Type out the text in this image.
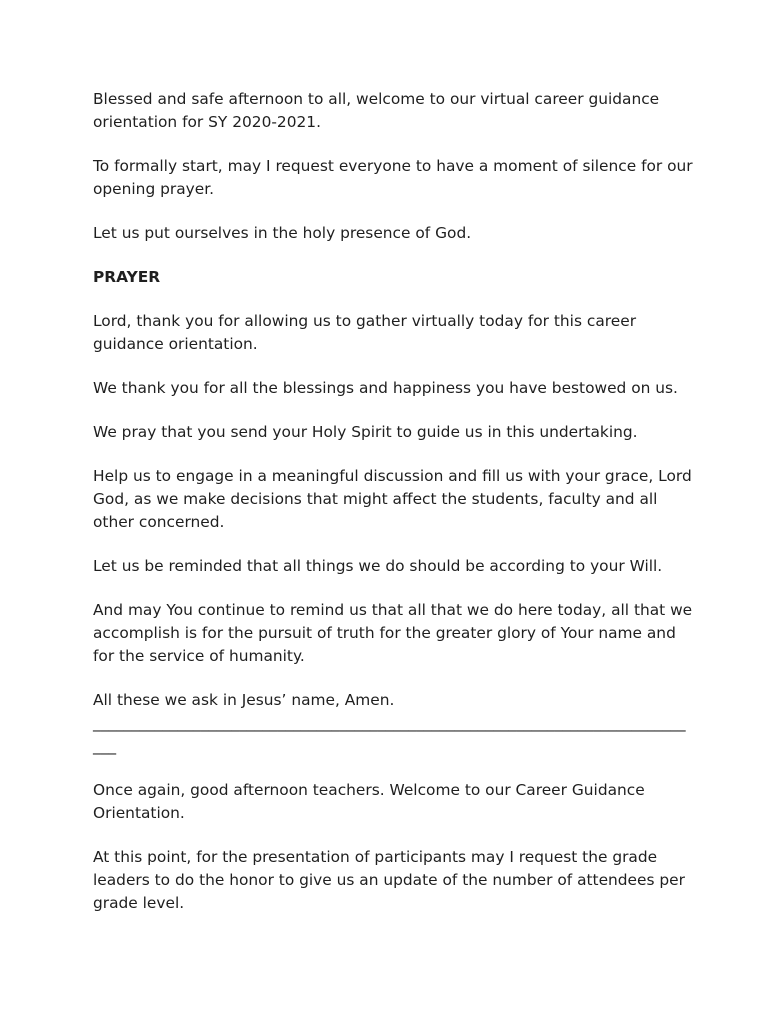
Blessed and safe afternoon to all, welcome to our virtual career guidance orientation for SY 2020-2021.

To formally start, may I request everyone to have a moment of silence for our opening prayer.

Let us put ourselves in the holy presence of God.

PRAYER

Lord, thank you for allowing us to gather virtually today for this career guidance orientation.

We thank you for all the blessings and happiness you have bestowed on us.

We pray that you send your Holy Spirit to guide us in this undertaking.

Help us to engage in a meaningful discussion and fill us with your grace, Lord God, as we make decisions that might affect the students, faculty and all other concerned.

Let us be reminded that all things we do should be according to your Will.

And may You continue to remind us that all that we do here today, all that we accomplish is for the pursuit of truth for the greater glory of Your name and for the service of humanity.

All these we ask in Jesus’ name, Amen.

________________________________________________________________________________

Once again, good afternoon teachers. Welcome to our Career Guidance Orientation.

At this point, for the presentation of participants may I request the grade leaders to do the honor to give us an update of the number of attendees per grade level.
